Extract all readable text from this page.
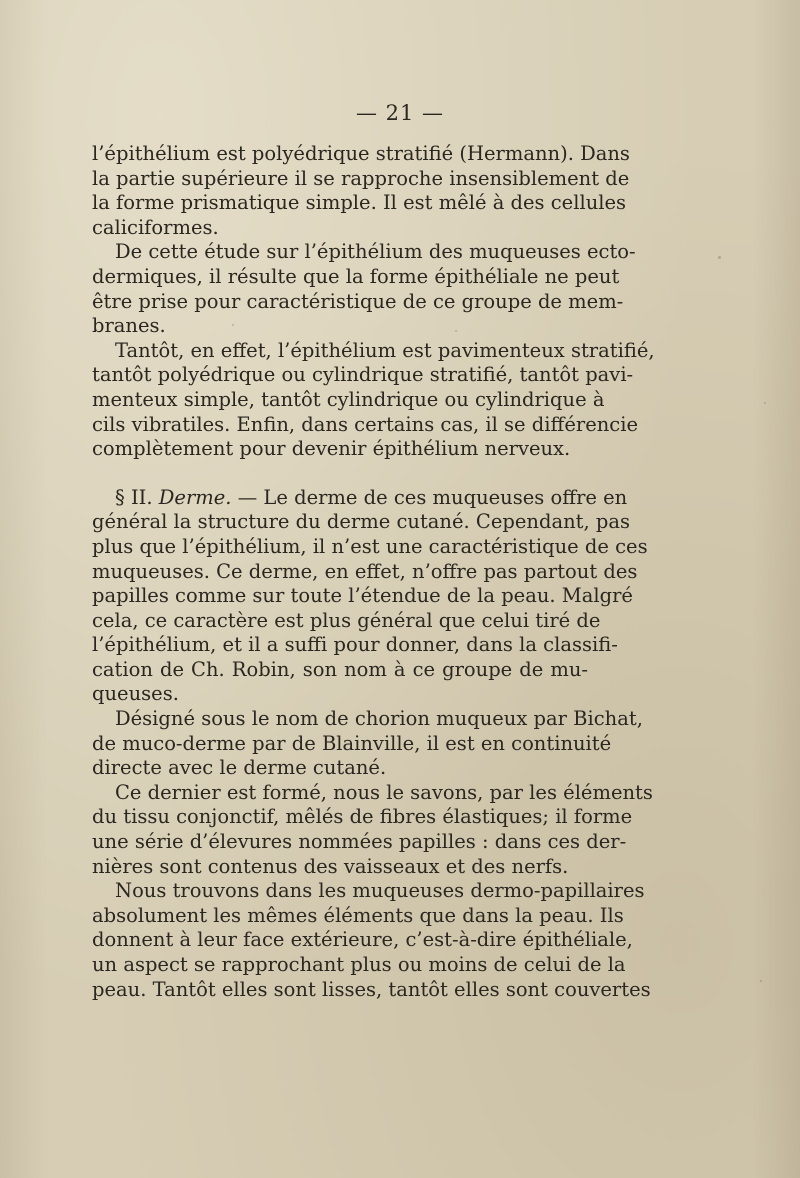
— 21 —
l’épithélium est polyédrique stratifié (Hermann). Dans
la partie supérieure il se rapproche insensiblement de
la forme prismatique simple. Il est mêlé à des cellules
caliciformes.
De cette étude sur l’épithélium des muqueuses ecto-
dermiques, il résulte que la forme épithéliale ne peut
être prise pour caractéristique de ce groupe de mem-
branes.
Tantôt, en effet, l’épithélium est pavimenteux stratifié,
tantôt polyédrique ou cylindrique stratifié, tantôt pavi-
menteux simple, tantôt cylindrique ou cylindrique à
cils vibratiles. Enfin, dans certains cas, il se différencie
complètement pour devenir épithélium nerveux.
§ II. Derme. — Le derme de ces muqueuses offre en
général la structure du derme cutané. Cependant, pas
plus que l’épithélium, il n’est une caractéristique de ces
muqueuses. Ce derme, en effet, n’offre pas partout des
papilles comme sur toute l’étendue de la peau. Malgré
cela, ce caractère est plus général que celui tiré de
l’épithélium, et il a suffi pour donner, dans la classifi-
cation de Ch. Robin, son nom à ce groupe de mu-
queuses.
Désigné sous le nom de chorion muqueux par Bichat,
de muco-derme par de Blainville, il est en continuité
directe avec le derme cutané.
Ce dernier est formé, nous le savons, par les éléments
du tissu conjonctif, mêlés de fibres élastiques; il forme
une série d’élevures nommées papilles : dans ces der-
nières sont contenus des vaisseaux et des nerfs.
Nous trouvons dans les muqueuses dermo-papillaires
absolument les mêmes éléments que dans la peau. Ils
donnent à leur face extérieure, c’est-à-dire épithéliale,
un aspect se rapprochant plus ou moins de celui de la
peau. Tantôt elles sont lisses, tantôt elles sont couvertes
